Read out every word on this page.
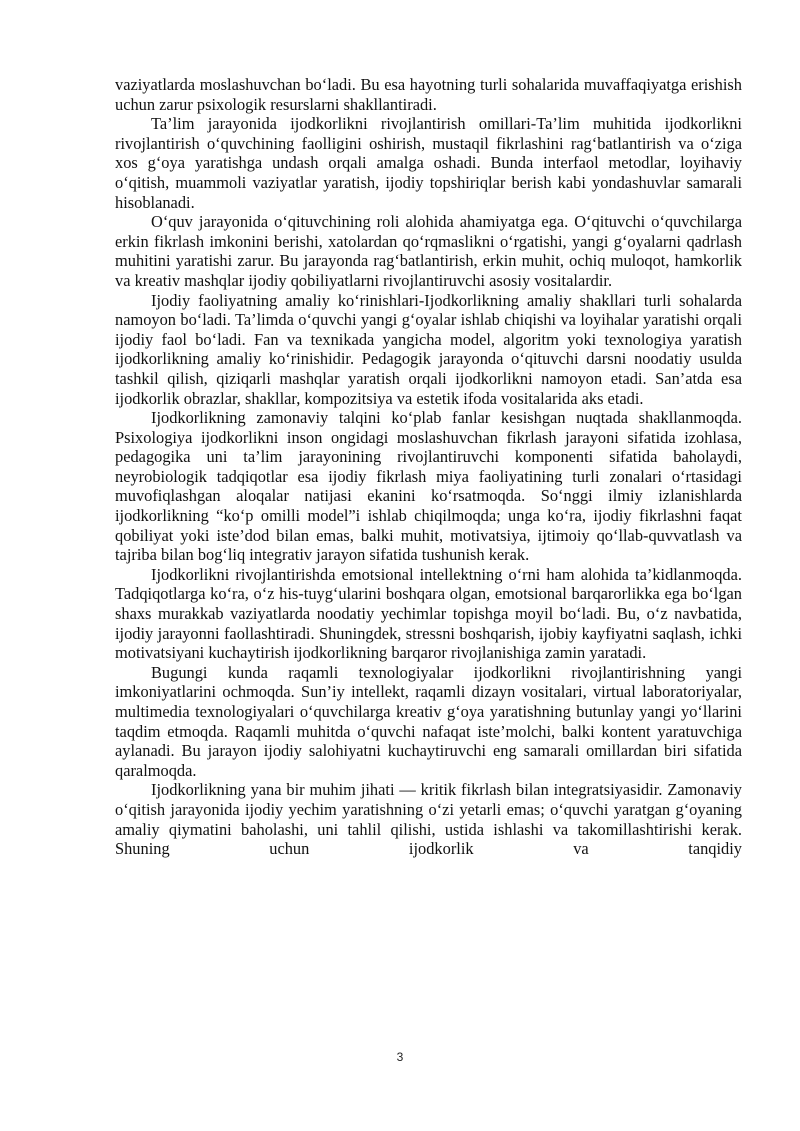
vaziyatlarda moslashuvchan bo‘ladi. Bu esa hayotning turli sohalarida muvaffaqiyatga erishish uchun zarur psixologik resurslarni shakllantiradi.

Ta’lim jarayonida ijodkorlikni rivojlantirish omillari-Ta’lim muhitida ijodkorlikni rivojlantirish o‘quvchining faolligini oshirish, mustaqil fikrlashini rag‘batlantirish va o‘ziga xos g‘oya yaratishga undash orqali amalga oshadi. Bunda interfaol metodlar, loyihaviy o‘qitish, muammoli vaziyatlar yaratish, ijodiy topshiriqlar berish kabi yondashuvlar samarali hisoblanadi.

O‘quv jarayonida o‘qituvchining roli alohida ahamiyatga ega. O‘qituvchi o‘quvchilarga erkin fikrlash imkonini berishi, xatolardan qo‘rqmaslikni o‘rgatishi, yangi g‘oyalarni qadrlash muhitini yaratishi zarur. Bu jarayonda rag‘batlantirish, erkin muhit, ochiq muloqot, hamkorlik va kreativ mashqlar ijodiy qobiliyatlarni rivojlantiruvchi asosiy vositalardir.

Ijodiy faoliyatning amaliy ko‘rinishlari-Ijodkorlikning amaliy shakllari turli sohalarda namoyon bo‘ladi. Ta’limda o‘quvchi yangi g‘oyalar ishlab chiqishi va loyihalar yaratishi orqali ijodiy faol bo‘ladi. Fan va texnikada yangicha model, algoritm yoki texnologiya yaratish ijodkorlikning amaliy ko‘rinishidir. Pedagogik jarayonda o‘qituvchi darsni noodatiy usulda tashkil qilish, qiziqarli mashqlar yaratish orqali ijodkorlikni namoyon etadi. San’atda esa ijodkorlik obrazlar, shakllar, kompozitsiya va estetik ifoda vositalarida aks etadi.

Ijodkorlikning zamonaviy talqini ko‘plab fanlar kesishgan nuqtada shakllanmoqda. Psixologiya ijodkorlikni inson ongidagi moslashuvchan fikrlash jarayoni sifatida izohlasa, pedagogika uni ta’lim jarayonining rivojlantiruvchi komponenti sifatida baholaydi, neyrobiologik tadqiqotlar esa ijodiy fikrlash miya faoliyatining turli zonalari o‘rtasidagi muvofiqlashgan aloqalar natijasi ekanini ko‘rsatmoqda. So‘nggi ilmiy izlanishlarda ijodkorlikning “ko‘p omilli model”i ishlab chiqilmoqda; unga ko‘ra, ijodiy fikrlashni faqat qobiliyat yoki iste’dod bilan emas, balki muhit, motivatsiya, ijtimoiy qo‘llab-quvvatlash va tajriba bilan bog‘liq integrativ jarayon sifatida tushunish kerak.

Ijodkorlikni rivojlantirishda emotsional intellektning o‘rni ham alohida ta’kidlanmoqda. Tadqiqotlarga ko‘ra, o‘z his-tuyg‘ularini boshqara olgan, emotsional barqarorlikka ega bo‘lgan shaxs murakkab vaziyatlarda noodatiy yechimlar topishga moyil bo‘ladi. Bu, o‘z navbatida, ijodiy jarayonni faollashtiradi. Shuningdek, stressni boshqarish, ijobiy kayfiyatni saqlash, ichki motivatsiyani kuchaytirish ijodkorlikning barqaror rivojlanishiga zamin yaratadi.

Bugungi kunda raqamli texnologiyalar ijodkorlikni rivojlantirishning yangi imkoniyatlarini ochmoqda. Sun’iy intellekt, raqamli dizayn vositalari, virtual laboratoriyalar, multimedia texnologiyalari o‘quvchilarga kreativ g‘oya yaratishning butunlay yangi yo‘llarini taqdim etmoqda. Raqamli muhitda o‘quvchi nafaqat iste’molchi, balki kontent yaratuvchiga aylanadi. Bu jarayon ijodiy salohiyatni kuchaytiruvchi eng samarali omillardan biri sifatida qaralmoqda.

Ijodkorlikning yana bir muhim jihati — kritik fikrlash bilan integratsiyasidir. Zamonaviy o‘qitish jarayonida ijodiy yechim yaratishning o‘zi yetarli emas; o‘quvchi yaratgan g‘oyaning amaliy qiymatini baholashi, uni tahlil qilishi, ustida ishlashi va takomillashtirishi kerak. Shuning uchun ijodkorlik va tanqidiy

3
